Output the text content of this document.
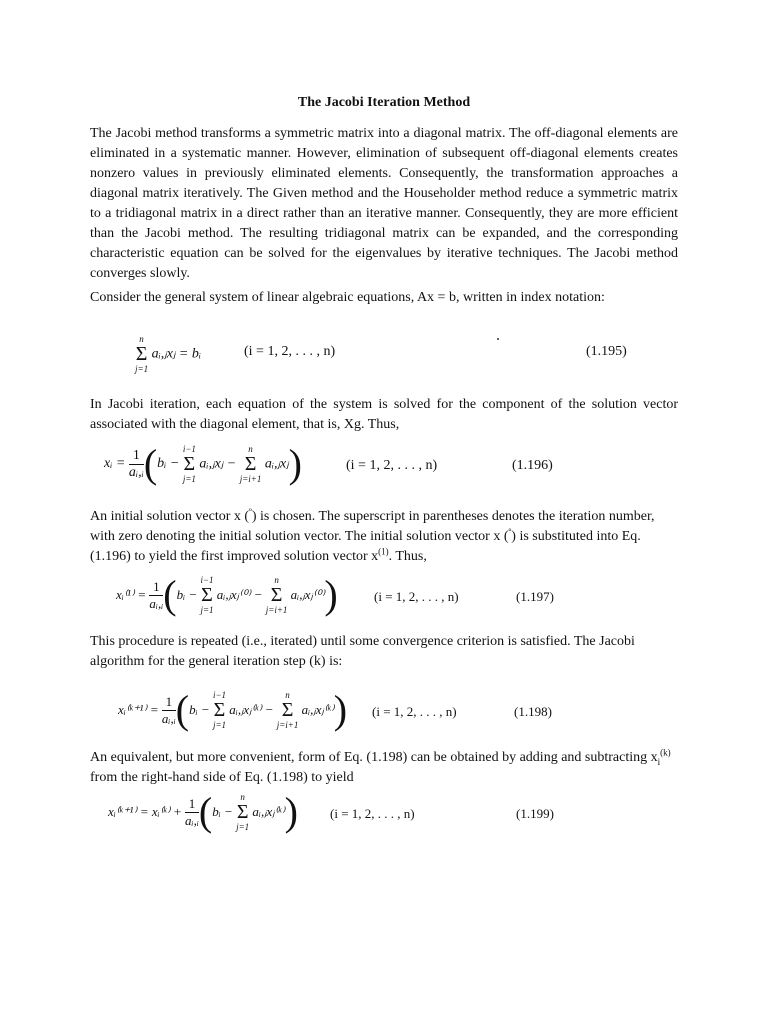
The Jacobi Iteration Method

The Jacobi method transforms a symmetric matrix into a diagonal matrix. The off-diagonal elements are eliminated in a systematic manner. However, elimination of subsequent off-diagonal elements creates nonzero values in previously eliminated elements. Consequently, the transformation approaches a diagonal matrix iteratively. The Given method and the Householder method reduce a symmetric matrix to a tridiagonal matrix in a direct rather than an iterative manner. Consequently, they are more efficient than the Jacobi method. The resulting tridiagonal matrix can be expanded, and the corresponding characteristic equation can be solved for the eigenvalues by iterative techniques. The Jacobi method converges slowly.

Consider the general system of linear algebraic equations, Ax = b, written in index notation:

n
Σ
j=1
aᵢ,ⱼxⱼ = bᵢ	(i = 1, 2, . . . , n)	(1.195)

In Jacobi iteration, each equation of the system is solved for the component of the solution vector associated with the diagonal element, that is, Xg. Thus,

xᵢ = $\frac{1}{\text{aᵢ,ᵢ}}$ (bᵢ −
i−1
Σ
j=1
aᵢ,ⱼxⱼ −
n
Σ
j=i+1
aᵢ,ⱼxⱼ)	(i = 1, 2, . . . , n)	(1.196)

An initial solution vector x ($^º$) is chosen. The superscript in parentheses denotes the iteration number, with zero denoting the initial solution vector. The initial solution vector x ($^º$) is substituted into Eq. (1.196) to yield the first improved solution vector $x^{(1)}$. Thus,

xᵢ⁽¹⁾ = $\frac{1}{\text{aᵢ,ᵢ}}$ (bᵢ −
i−1
Σ
j=1
aᵢ,ⱼxⱼ⁽⁰⁾ −
n
Σ
j=i+1
aᵢ,ⱼxⱼ⁽⁰⁾)	(i = 1, 2, . . . , n)	(1.197)

This procedure is repeated (i.e., iterated) until some convergence criterion is satisfied. The Jacobi algorithm for the general iteration step (k) is:

xᵢ⁽ᵏ⁺¹⁾ = $\frac{1}{\text{aᵢ,ᵢ}}$ (bᵢ −
i−1
Σ
j=1
aᵢ,ⱼxⱼ⁽ᵏ⁾ −
n
Σ
j=i+1
aᵢ,ⱼxⱼ⁽ᵏ⁾) (i = 1, 2, . . . , n)	(1.198)

An equivalent, but more convenient, form of Eq. (1.198) can be obtained by adding and subtracting $x_i^{(k)}$ from the right-hand side of Eq. (1.198) to yield

xᵢ⁽ᵏ⁺¹⁾ = xᵢ⁽ᵏ⁾ + $\frac{1}{\text{aᵢ,ᵢ}}$ (bᵢ −
n
Σ
j=1
aᵢ,ⱼxⱼ⁽ᵏ⁾) (i = 1, 2, . . . , n)	(1.199)
